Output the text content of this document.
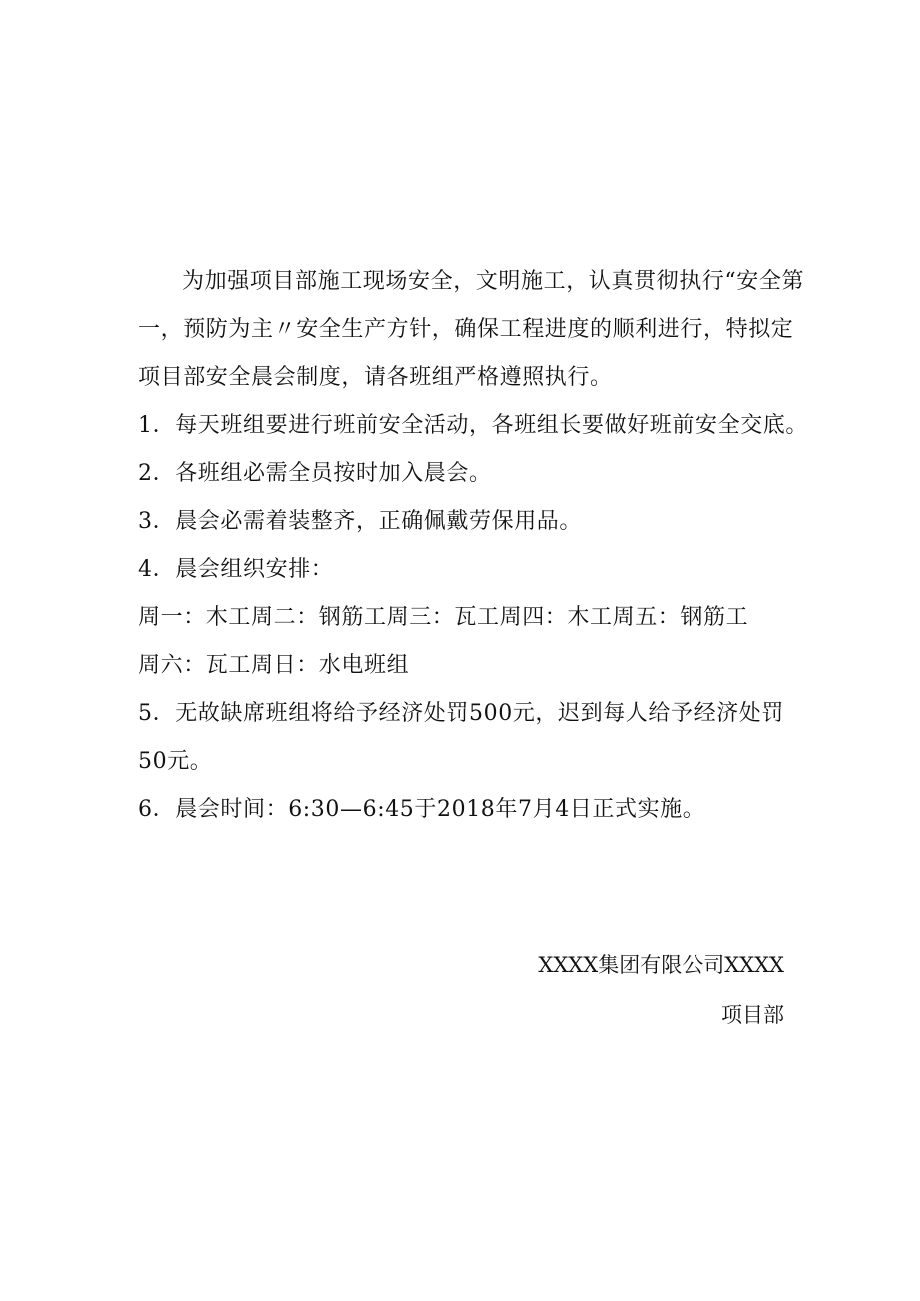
为加强项目部施工现场安全，文明施工，认真贯彻执行“安全第一，预防为主〃安全生产方针，确保工程进度的顺利进行，特拟定项目部安全晨会制度，请各班组严格遵照执行。

1．每天班组要进行班前安全活动，各班组长要做好班前安全交底。

2．各班组必需全员按时加入晨会。

3．晨会必需着装整齐，正确佩戴劳保用品。

4．晨会组织安排：

周一：木工周二：钢筋工周三：瓦工周四：木工周五：钢筋工

周六：瓦工周日：水电班组

5．无故缺席班组将给予经济处罚500元，迟到每人给予经济处罚50元。

6．晨会时间：6:30—6:45于2018年7月4日正式实施。

XXXX集团有限公司XXXX
项目部
